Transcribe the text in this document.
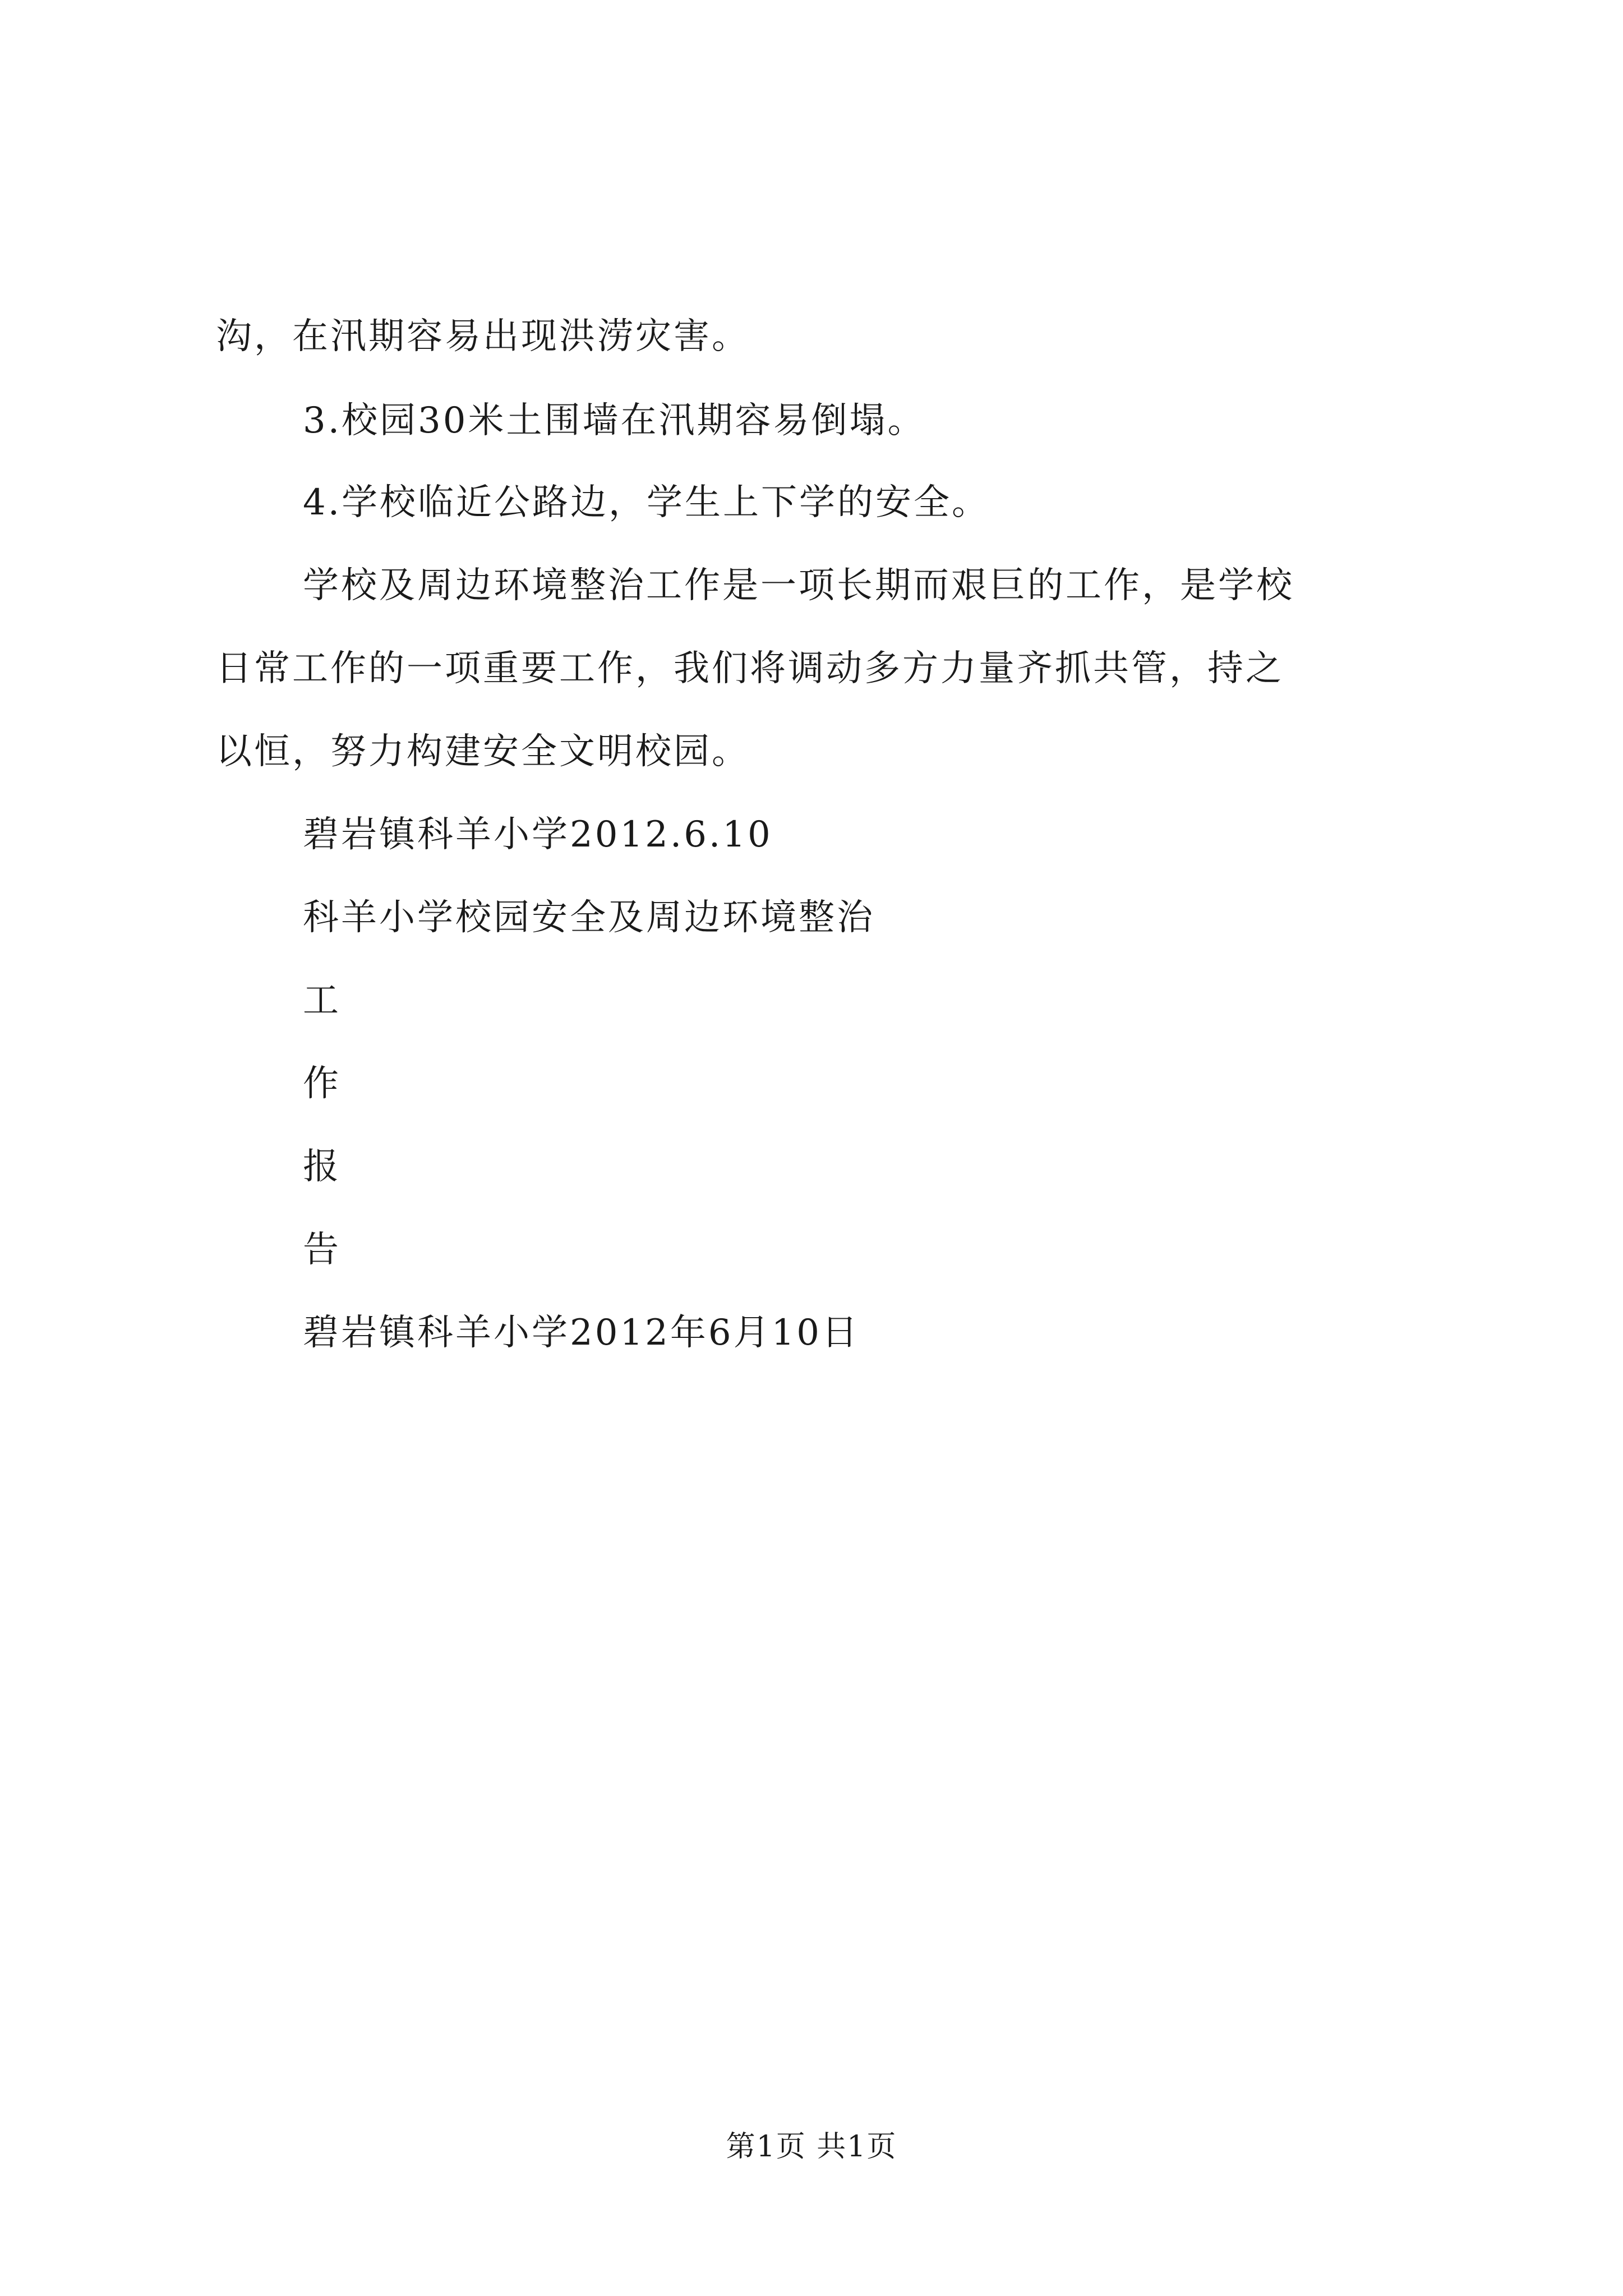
沟，在汛期容易出现洪涝灾害。
3.校园30米土围墙在汛期容易倒塌。
4.学校临近公路边，学生上下学的安全。
学校及周边环境整治工作是一项长期而艰巨的工作，是学校
日常工作的一项重要工作，我们将调动多方力量齐抓共管，持之
以恒，努力构建安全文明校园。
碧岩镇科羊小学2012.6.10
科羊小学校园安全及周边环境整治
工
作
报
告
碧岩镇科羊小学2012年6月10日
第1页 共1页
